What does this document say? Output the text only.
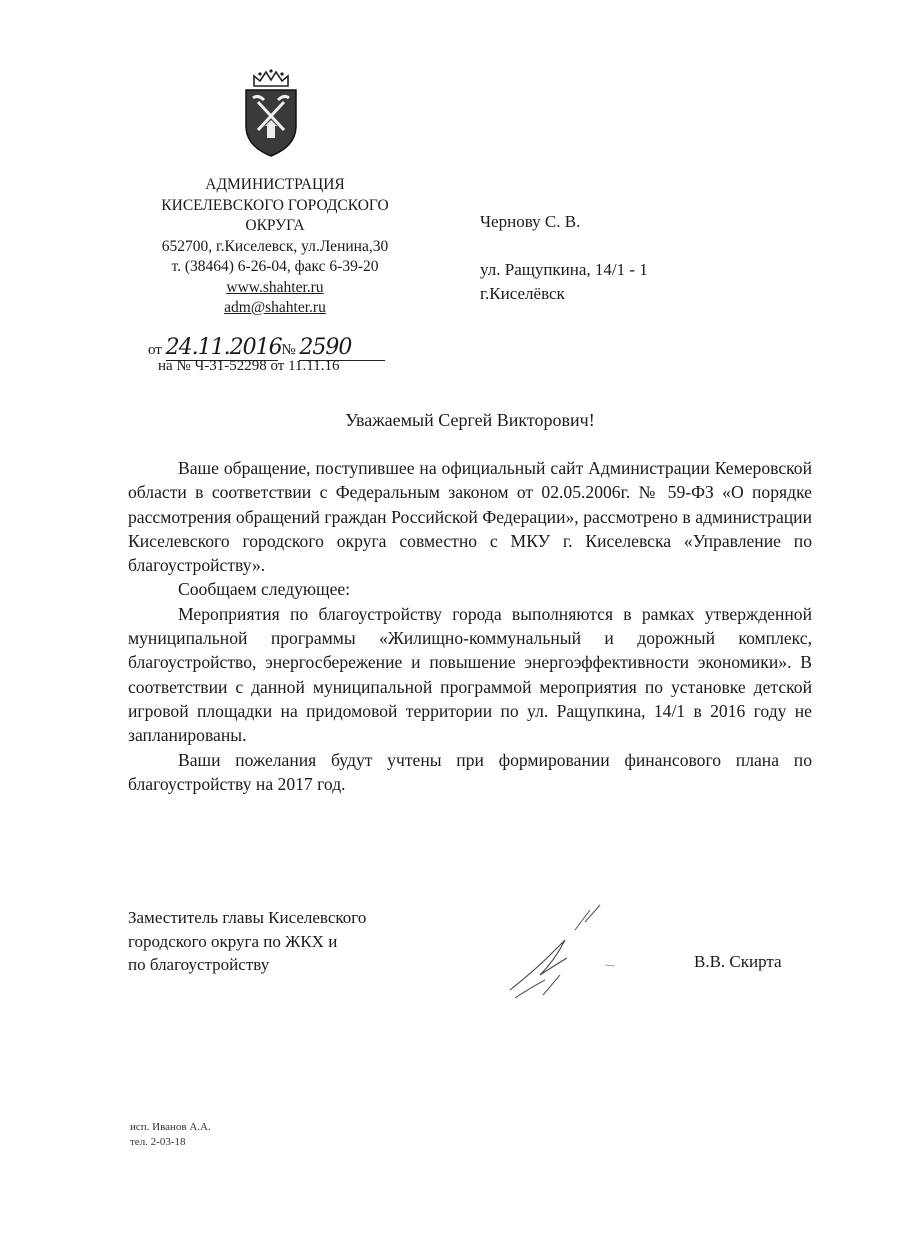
АДМИНИСТРАЦИЯ
КИСЕЛЕВСКОГО ГОРОДСКОГО
ОКРУГА
652700, г.Киселевск, ул.Ленина,30
т. (38464) 6-26-04, факс 6-39-20
www.shahter.ru
adm@shahter.ru
Чернову С. В.
ул. Ращупкина, 14/1 - 1
г.Киселёвск
от 24.11.2016 № 2590
на № Ч-31-52298 от 11.11.16
Уважаемый Сергей Викторович!

Ваше обращение, поступившее на официальный сайт Администрации Кемеровской области в соответствии с Федеральным законом от 02.05.2006г. № 59-ФЗ «О порядке рассмотрения обращений граждан Российской Федерации», рассмотрено в администрации Киселевского городского округа совместно с МКУ г. Киселевска «Управление по благоустройству».

Сообщаем следующее:

Мероприятия по благоустройству города выполняются в рамках утвержденной муниципальной программы «Жилищно-коммунальный и дорожный комплекс, благоустройство, энергосбережение и повышение энергоэффективности экономики». В соответствии с данной муниципальной программой мероприятия по установке детской игровой площадки на придомовой территории по ул. Ращупкина, 14/1 в 2016 году не запланированы.

Ваши пожелания будут учтены при формировании финансового плана по благоустройству на 2017 год.

Заместитель главы Киселевского
городского округа по ЖКХ и
по благоустройству	В.В. Скирта
исп. Иванов А.А.
тел. 2-03-18
